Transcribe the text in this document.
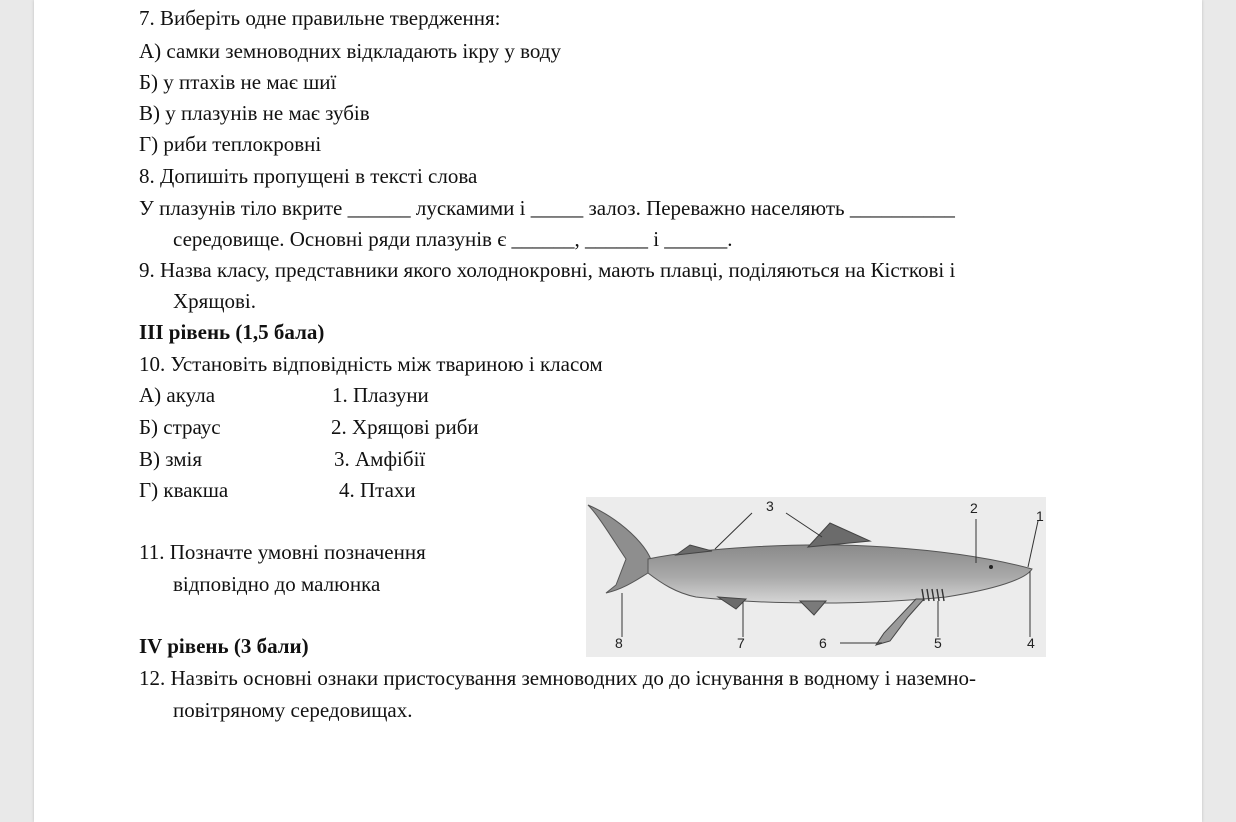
7. Виберіть одне правильне твердження:
А) самки земноводних відкладають ікру у воду
Б) у птахів не має шиї
В) у плазунів не має зубів
Г) риби теплокровні
8. Допишіть пропущені в тексті слова
У плазунів тіло вкрите ______ лускамими і _____ залоз. Переважно населяють __________
середовище. Основні ряди плазунів є ______, ______ і ______.
9. Назва класу, представники якого холоднокровні, мають плавці, поділяються на Кісткові і
Хрящові.
III рівень (1,5 бала)
10. Установіть відповідність між твариною і класом
А) акула
Б) страус
В) змія
Г) квакша
1. Плазуни
2. Хрящові риби
3. Амфібії
4. Птахи
11. Позначте умовні позначення
відповідно до малюнка
1
2
3
4
5
6
7
8
IV рівень (3 бали)
12. Назвіть основні ознаки пристосування земноводних до до існування в водному і наземно-
повітряному середовищах.
